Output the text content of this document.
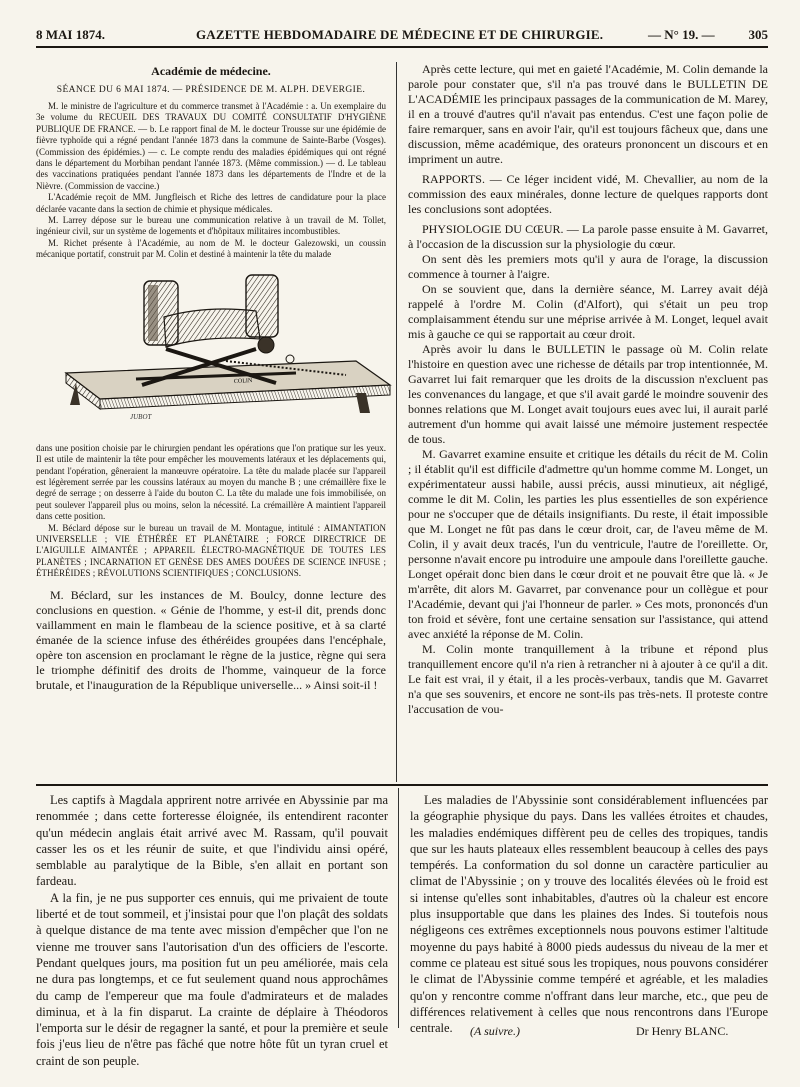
8 MAI 1874.	GAZETTE HEBDOMADAIRE DE MÉDECINE ET DE CHIRURGIE.	— N° 19. —	305
Académie de médecine.
SÉANCE DU 6 MAI 1874. — PRÉSIDENCE DE M. ALPH. DEVERGIE.

M. le ministre de l'agriculture et du commerce transmet à l'Académie : a. Un exemplaire du 3e volume du RECUEIL DES TRAVAUX DU COMITÉ CONSULTATIF D'HYGIÈNE PUBLIQUE DE FRANCE. — b. Le rapport final de M. le docteur Trousse sur une épidémie de fièvre typhoïde qui a régné pendant l'année 1873 dans la commune de Sainte-Barbe (Vosges). (Commission des épidémies.) — c. Le compte rendu des maladies épidémiques qui ont régné dans le département du Morbihan pendant l'année 1873. (Même commission.) — d. Le tableau des vaccinations pratiquées pendant l'année 1873 dans les départements de l'Indre et de la Nièvre. (Commission de vaccine.)

L'Académie reçoit de MM. Jungfleisch et Riche des lettres de candidature pour la place déclarée vacante dans la section de chimie et physique médicales.

M. Larrey dépose sur le bureau une communication relative à un travail de M. Tollet, ingénieur civil, sur un système de logements et d'hôpitaux militaires incombustibles.

M. Richet présente à l'Académie, au nom de M. le docteur Galezowski, un coussin mécanique portatif, construit par M. Colin et destiné à maintenir la tête du malade

COLIN
JUBOT

dans une position choisie par le chirurgien pendant les opérations que l'on pratique sur les yeux. Il est utile de maintenir la tête pour empêcher les mouvements latéraux et les déplacements qui, pendant l'opération, gêneraient la manœuvre opératoire. La tête du malade placée sur l'appareil est légèrement serrée par les coussins latéraux au moyen du manche B ; une crémaillère fixe le degré de serrage ; on desserre à l'aide du bouton C. La tête du malade une fois immobilisée, on peut soulever l'appareil plus ou moins, selon la nécessité. La crémaillère A maintient l'appareil dans cette position.

M. Béclard dépose sur le bureau un travail de M. Montague, intitulé : AIMANTATION UNIVERSELLE ; VIE ÉTHÉRÉE ET PLANÉTAIRE ; FORCE DIRECTRICE DE L'AIGUILLE AIMANTÉE ; APPAREIL ÉLECTRO-MAGNÉTIQUE DE TOUTES LES PLANÈTES ; INCARNATION ET GENÈSE DES AMES DOUÉES DE SCIENCE INFUSE ; ÉTHÉRÉIDES ; RÉVOLUTIONS SCIENTIFIQUES ; CONCLUSIONS.

M. Béclard, sur les instances de M. Boulcy, donne lecture des conclusions en question. « Génie de l'homme, y est-il dit, prends donc vaillamment en main le flambeau de la science positive, et à sa clarté émanée de la science infuse des éthéréides groupées dans l'encéphale, opère ton ascension en proclamant le règne de la justice, règne qui sera le triomphe définitif des droits de l'homme, vainqueur de la force brutale, et l'inauguration de la République universelle... » Ainsi soit-il !

Après cette lecture, qui met en gaieté l'Académie, M. Colin demande la parole pour constater que, s'il n'a pas trouvé dans le BULLETIN DE L'ACADÉMIE les principaux passages de la communication de M. Marey, il en a trouvé d'autres qu'il n'avait pas entendus. C'est une façon polie de faire remarquer, sans en avoir l'air, qu'il est toujours fâcheux que, dans une discussion, même académique, des orateurs prononcent un discours et en impriment un autre.

RAPPORTS. — Ce léger incident vidé, M. Chevallier, au nom de la commission des eaux minérales, donne lecture de quelques rapports dont les conclusions sont adoptées.

PHYSIOLOGIE DU CŒUR. — La parole passe ensuite à M. Gavarret, à l'occasion de la discussion sur la physiologie du cœur.

On sent dès les premiers mots qu'il y aura de l'orage, la discussion commence à tourner à l'aigre.

On se souvient que, dans la dernière séance, M. Larrey avait déjà rappelé à l'ordre M. Colin (d'Alfort), qui s'était un peu trop complaisamment étendu sur une méprise arrivée à M. Longet, lequel avait mis à gauche ce qui se rapportait au cœur droit.

Après avoir lu dans le BULLETIN le passage où M. Colin relate l'histoire en question avec une richesse de détails par trop intentionnée, M. Gavarret lui fait remarquer que les droits de la discussion n'excluent pas les convenances du langage, et que s'il avait gardé le moindre souvenir des bonnes relations que M. Longet avait toujours eues avec lui, il aurait parlé autrement d'un homme qui avait laissé une mémoire justement respectée de tous.

M. Gavarret examine ensuite et critique les détails du récit de M. Colin ; il établit qu'il est difficile d'admettre qu'un homme comme M. Longet, un expérimentateur aussi habile, aussi précis, aussi minutieux, ait négligé, comme le dit M. Colin, les parties les plus essentielles de son expérience pour ne s'occuper que de détails insignifiants. Du reste, il était impossible que M. Longet ne fût pas dans le cœur droit, car, de l'aveu même de M. Colin, il y avait deux tracés, l'un du ventricule, l'autre de l'oreillette. Or, personne n'avait encore pu introduire une ampoule dans l'oreillette gauche. Longet opérait donc bien dans le cœur droit et ne pouvait être que là. « Je m'arrête, dit alors M. Gavarret, par convenance pour un collègue et pour l'Académie, devant qui j'ai l'honneur de parler. » Ces mots, prononcés d'un ton froid et sévère, font une certaine sensation sur l'assistance, qui attend avec anxiété la réponse de M. Colin.

M. Colin monte tranquillement à la tribune et répond plus tranquillement encore qu'il n'a rien à retrancher ni à ajouter à ce qu'il a dit. Le fait est vrai, il y était, il a les procès-verbaux, tandis que M. Gavarret n'a que ses souvenirs, et encore ne sont-ils pas très-nets. Il proteste contre l'accusation de vou-

Les captifs à Magdala apprirent notre arrivée en Abyssinie par ma renommée ; dans cette forteresse éloignée, ils entendirent raconter qu'un médecin anglais était arrivé avec M. Rassam, qu'il pouvait casser les os et les réunir de suite, et que l'individu ainsi opéré, semblable au paralytique de la Bible, s'en allait en portant son fardeau.

A la fin, je ne pus supporter ces ennuis, qui me privaient de toute liberté et de tout sommeil, et j'insistai pour que l'on plaçât des soldats à quelque distance de ma tente avec mission d'empêcher que l'on ne vienne me trouver sans l'autorisation d'un des officiers de l'escorte. Pendant quelques jours, ma position fut un peu améliorée, mais cela ne dura pas longtemps, et ce fut seulement quand nous approchâmes du camp de l'empereur que ma foule d'admirateurs et de malades diminua, et à la fin disparut. La crainte de déplaire à Théodoros l'emporta sur le désir de regagner la santé, et pour la première et seule fois j'eus lieu de n'être pas fâché que notre hôte fût un tyran cruel et craint de son peuple.

Les maladies de l'Abyssinie sont considérablement influencées par la géographie physique du pays. Dans les vallées étroites et chaudes, les maladies endémiques diffèrent peu de celles des tropiques, tandis que sur les hauts plateaux elles ressemblent beaucoup à celles des pays tempérés. La conformation du sol donne un caractère particulier au climat de l'Abyssinie ; on y trouve des localités élevées où le froid est si intense qu'elles sont inhabitables, d'autres où la chaleur est encore plus insupportable que dans les plaines des Indes. Si toutefois nous négligeons ces extrêmes exceptionnels nous pouvons estimer l'altitude moyenne du pays habité à 8000 pieds audessus du niveau de la mer et comme ce plateau est situé sous les tropiques, nous pouvons considérer le climat de l'Abyssinie comme tempéré et agréable, et les maladies qu'on y rencontre comme n'offrant dans leur marche, etc., que peu de différences relativement à celles que nous rencontrons dans l'Europe centrale.	(A suivre.)	Dr Henry BLANC.
